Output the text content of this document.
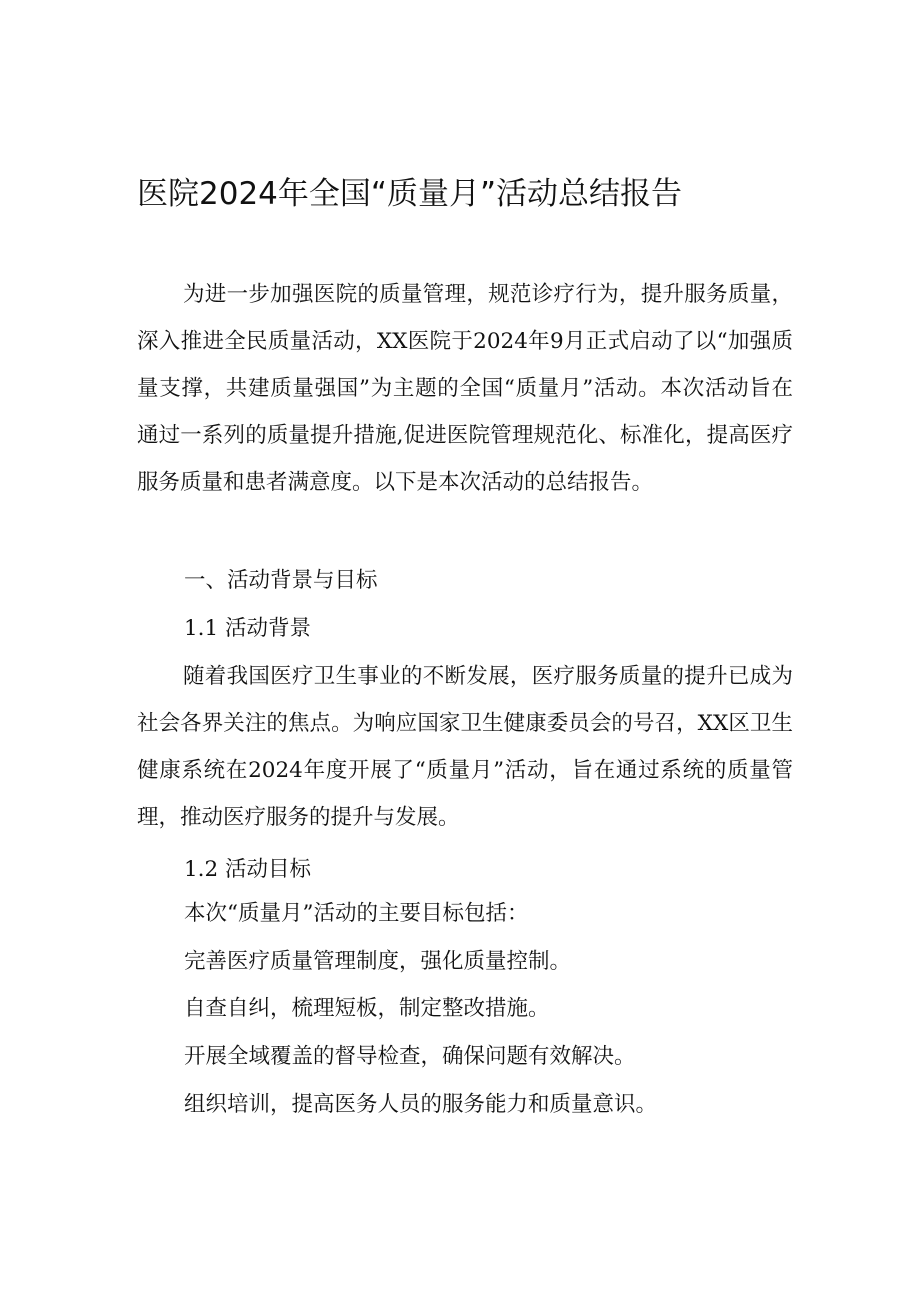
医院2024年全国“质量月”活动总结报告

为进一步加强医院的质量管理，规范诊疗行为，提升服务质量，深入推进全民质量活动，XX医院于2024年9月正式启动了以“加强质量支撑，共建质量强国”为主题的全国“质量月”活动。本次活动旨在通过一系列的质量提升措施,促进医院管理规范化、标准化，提高医疗服务质量和患者满意度。以下是本次活动的总结报告。

一、活动背景与目标

1.1 活动背景

随着我国医疗卫生事业的不断发展，医疗服务质量的提升已成为社会各界关注的焦点。为响应国家卫生健康委员会的号召，XX区卫生健康系统在2024年度开展了“质量月”活动，旨在通过系统的质量管理，推动医疗服务的提升与发展。

1.2 活动目标

本次“质量月”活动的主要目标包括：

完善医疗质量管理制度，强化质量控制。

自查自纠，梳理短板，制定整改措施。

开展全域覆盖的督导检查，确保问题有效解决。

组织培训，提高医务人员的服务能力和质量意识。
